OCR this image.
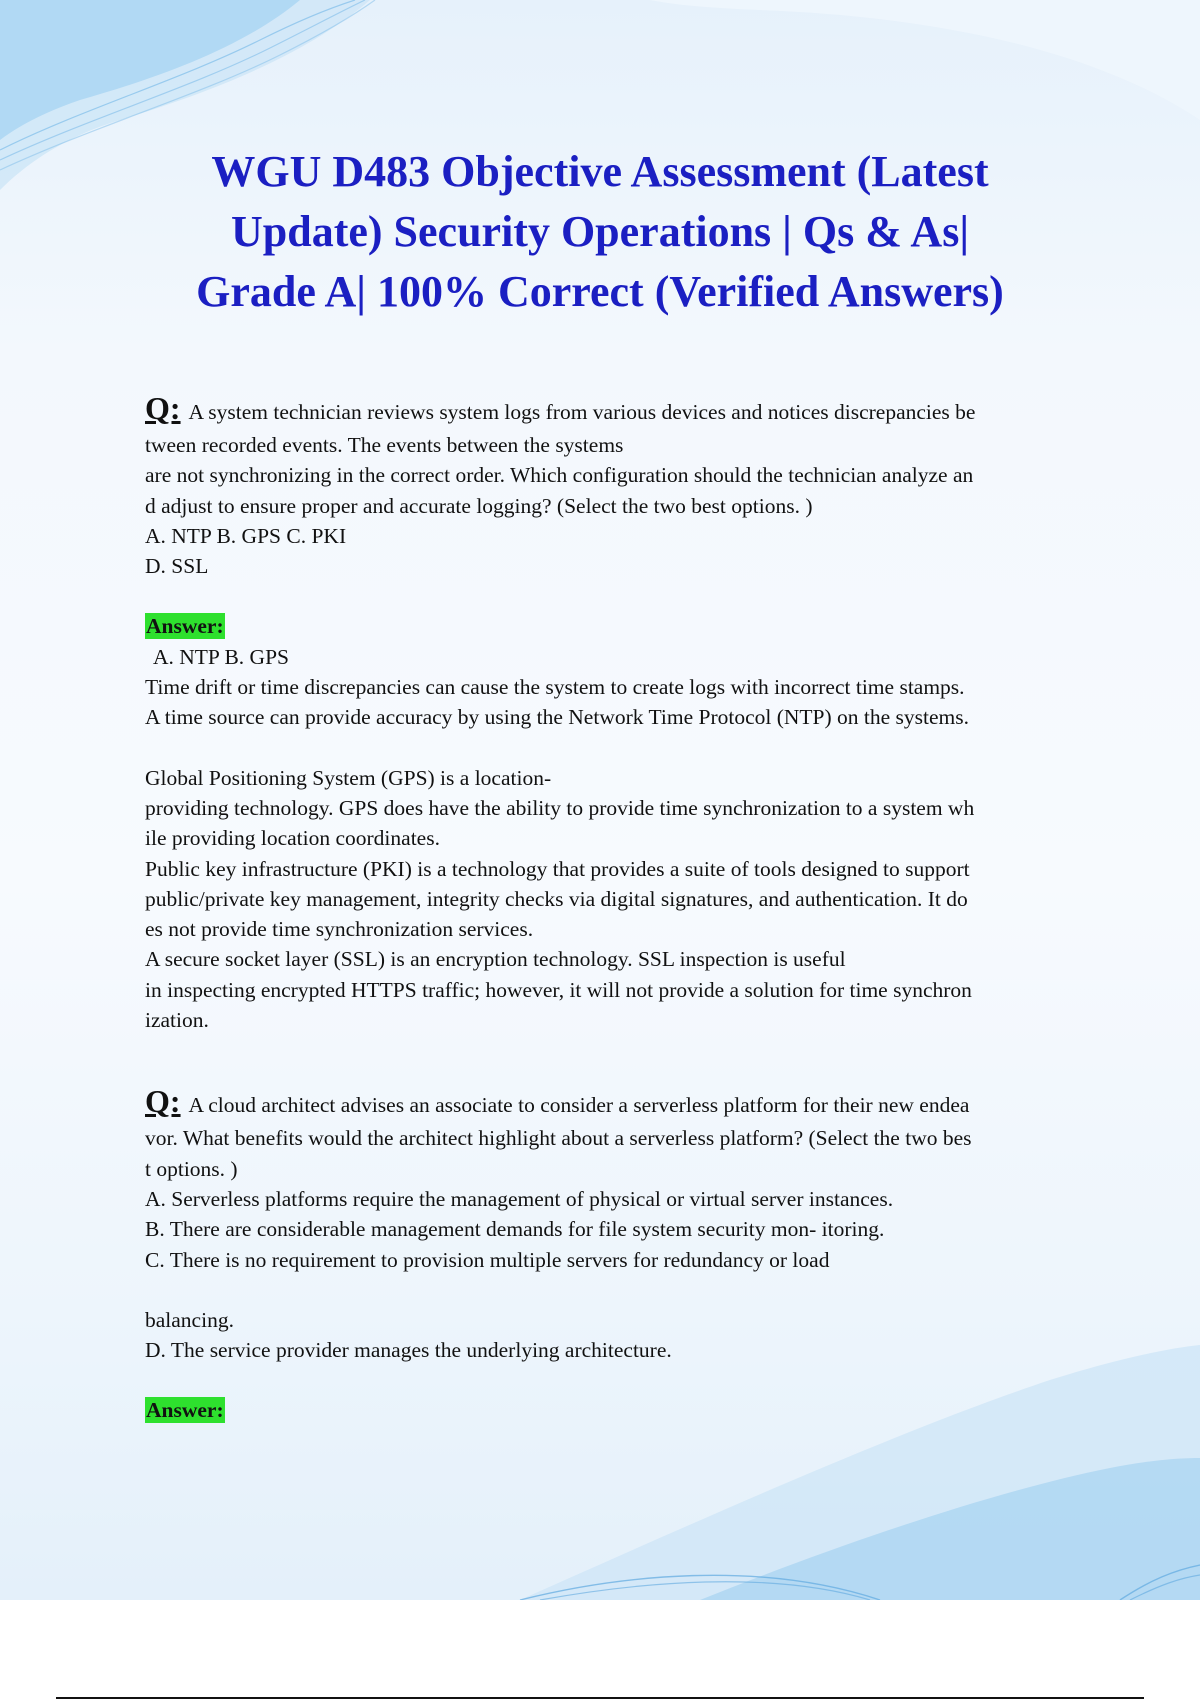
WGU D483 Objective Assessment (Latest
Update) Security Operations | Qs & As|
Grade A| 100% Correct (Verified Answers)
Q: A system technician reviews system logs from various devices and notices discrepancies be
tween recorded events. The events between the systems
are not synchronizing in the correct order. Which configuration should the technician analyze an
d adjust to ensure proper and accurate logging? (Select the two best options. )
A. NTP B. GPS C. PKI
D. SSL
Answer:
A. NTP B. GPS
Time drift or time discrepancies can cause the system to create logs with incorrect time stamps.
A time source can provide accuracy by using the Network Time Protocol (NTP) on the systems.
Global Positioning System (GPS) is a location-
providing technology. GPS does have the ability to provide time synchronization to a system wh
ile providing location coordinates.
Public key infrastructure (PKI) is a technology that provides a suite of tools designed to support
public/private key management, integrity checks via digital signatures, and authentication. It do
es not provide time synchronization services.
A secure socket layer (SSL) is an encryption technology. SSL inspection is useful
in inspecting encrypted HTTPS traffic; however, it will not provide a solution for time synchron
ization.
Q: A cloud architect advises an associate to consider a serverless platform for their new endea
vor. What benefits would the architect highlight about a serverless platform? (Select the two bes
t options. )
A. Serverless platforms require the management of physical or virtual server instances.
B. There are considerable management demands for file system security mon- itoring.
C. There is no requirement to provision multiple servers for redundancy or load
balancing.
D. The service provider manages the underlying architecture.
Answer:
